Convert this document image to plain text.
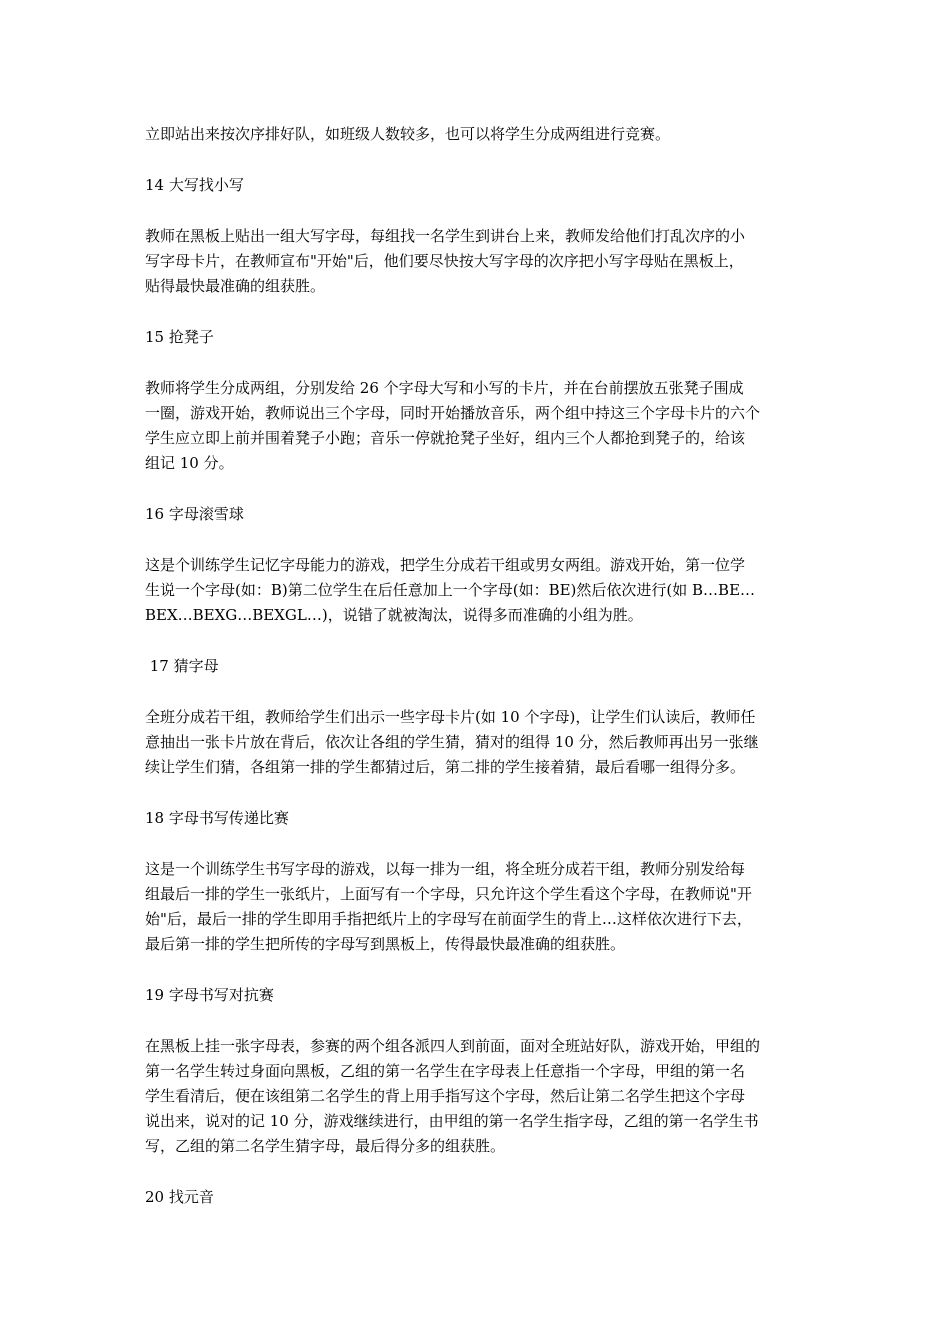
立即站出来按次序排好队，如班级人数较多，也可以将学生分成两组进行竞赛。

14 大写找小写

教师在黑板上贴出一组大写字母，每组找一名学生到讲台上来，教师发给他们打乱次序的小

写字母卡片，在教师宣布"开始"后，他们要尽快按大写字母的次序把小写字母贴在黑板上，

贴得最快最准确的组获胜。

15 抢凳子

教师将学生分成两组，分别发给 26 个字母大写和小写的卡片，并在台前摆放五张凳子围成

一圈，游戏开始，教师说出三个字母，同时开始播放音乐，两个组中持这三个字母卡片的六个

学生应立即上前并围着凳子小跑；音乐一停就抢凳子坐好，组内三个人都抢到凳子的，给该

组记 10 分。

16 字母滚雪球

这是个训练学生记忆字母能力的游戏，把学生分成若干组或男女两组。游戏开始，第一位学

生说一个字母(如：B)第二位学生在后任意加上一个字母(如：BE)然后依次进行(如 B…BE…

BEX…BEXG…BEXGL…)，说错了就被淘汰，说得多而准确的小组为胜。

17 猜字母

全班分成若干组，教师给学生们出示一些字母卡片(如 10 个字母)，让学生们认读后，教师任

意抽出一张卡片放在背后，依次让各组的学生猜，猜对的组得 10 分，然后教师再出另一张继

续让学生们猜，各组第一排的学生都猜过后，第二排的学生接着猜，最后看哪一组得分多。

18 字母书写传递比赛

这是一个训练学生书写字母的游戏，以每一排为一组，将全班分成若干组，教师分别发给每

组最后一排的学生一张纸片，上面写有一个字母，只允许这个学生看这个字母，在教师说"开

始"后，最后一排的学生即用手指把纸片上的字母写在前面学生的背上…这样依次进行下去，

最后第一排的学生把所传的字母写到黑板上，传得最快最准确的组获胜。

19 字母书写对抗赛

在黑板上挂一张字母表，参赛的两个组各派四人到前面，面对全班站好队，游戏开始，甲组的

第一名学生转过身面向黑板，乙组的第一名学生在字母表上任意指一个字母，甲组的第一名

学生看清后，便在该组第二名学生的背上用手指写这个字母，然后让第二名学生把这个字母

说出来，说对的记 10 分，游戏继续进行，由甲组的第一名学生指字母，乙组的第一名学生书

写，乙组的第二名学生猜字母，最后得分多的组获胜。

20 找元音
